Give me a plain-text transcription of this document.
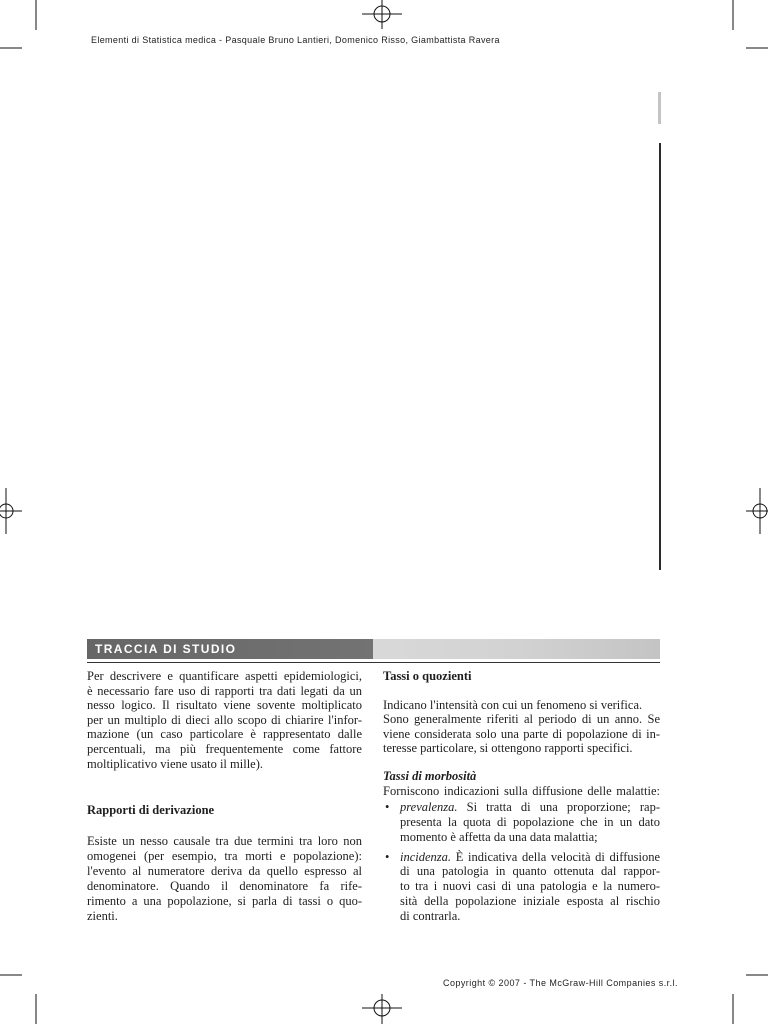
Elementi di Statistica medica - Pasquale Bruno Lantieri, Domenico Risso, Giambattista Ravera
TRACCIA DI STUDIO
Per descrivere e quantificare aspetti epidemiologici,
è necessario fare uso di rapporti tra dati legati da un
nesso logico. Il risultato viene sovente moltiplicato
per un multiplo di dieci allo scopo di chiarire l'infor-
mazione (un caso particolare è rappresentato dalle
percentuali, ma più frequentemente come fattore
moltiplicativo viene usato il mille).
Rapporti di derivazione
Esiste un nesso causale tra due termini tra loro non
omogenei (per esempio, tra morti e popolazione):
l'evento al numeratore deriva da quello espresso al
denominatore. Quando il denominatore fa rife-
rimento a una popolazione, si parla di tassi o quo-
zienti.
Tassi o quozienti
Indicano l'intensità con cui un fenomeno si verifica.
Sono generalmente riferiti al periodo di un anno. Se
viene considerata solo una parte di popolazione di in-
teresse particolare, si ottengono rapporti specifici.
Tassi di morbosità
Forniscono indicazioni sulla diffusione delle malattie:
• prevalenza. Si tratta di una proporzione; rap-
presenta la quota di popolazione che in un dato
momento è affetta da una data malattia;
• incidenza. È indicativa della velocità di diffusione
di una patologia in quanto ottenuta dal rappor-
to tra i nuovi casi di una patologia e la numero-
sità della popolazione iniziale esposta al rischio
di contrarla.
Copyright © 2007 - The McGraw-Hill Companies s.r.l.
